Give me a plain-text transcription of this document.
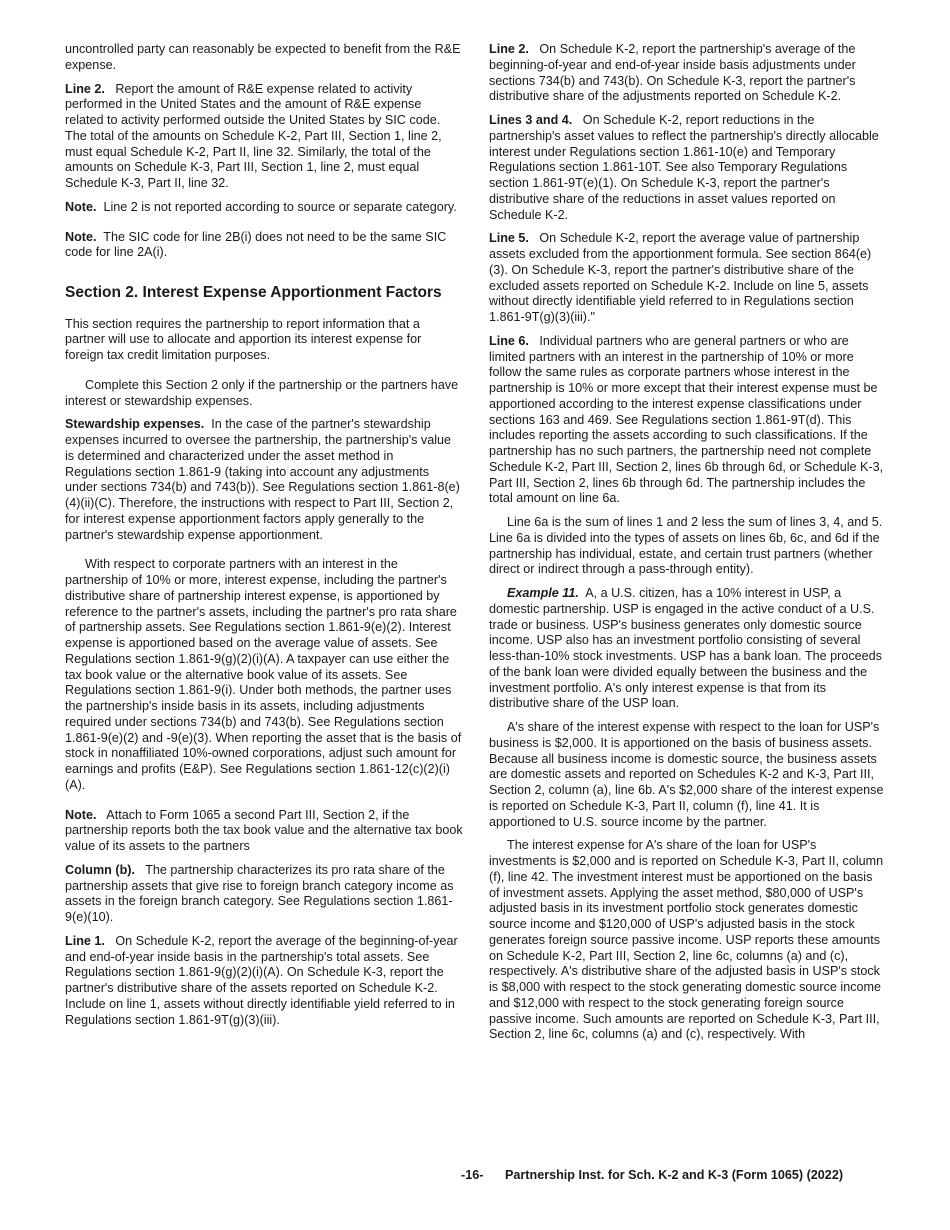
uncontrolled party can reasonably be expected to benefit from the R&E expense.

Line 2. Report the amount of R&E expense related to activity performed in the United States and the amount of R&E expense related to activity performed outside the United States by SIC code. The total of the amounts on Schedule K-2, Part III, Section 1, line 2, must equal Schedule K-2, Part II, line 32. Similarly, the total of the amounts on Schedule K-3, Part III, Section 1, line 2, must equal Schedule K-3, Part II, line 32.

Note. Line 2 is not reported according to source or separate category.

Note. The SIC code for line 2B(i) does not need to be the same SIC code for line 2A(i).

Section 2. Interest Expense Apportionment Factors

This section requires the partnership to report information that a partner will use to allocate and apportion its interest expense for foreign tax credit limitation purposes.

Complete this Section 2 only if the partnership or the partners have interest or stewardship expenses.

Stewardship expenses. In the case of the partner's stewardship expenses incurred to oversee the partnership, the partnership's value is determined and characterized under the asset method in Regulations section 1.861-9 (taking into account any adjustments under sections 734(b) and 743(b)). See Regulations section 1.861-8(e)(4)(ii)(C). Therefore, the instructions with respect to Part III, Section 2, for interest expense apportionment factors apply generally to the partner's stewardship expense apportionment.

With respect to corporate partners with an interest in the partnership of 10% or more, interest expense, including the partner's distributive share of partnership interest expense, is apportioned by reference to the partner's assets, including the partner's pro rata share of partnership assets. See Regulations section 1.861-9(e)(2). Interest expense is apportioned based on the average value of assets. See Regulations section 1.861-9(g)(2)(i)(A). A taxpayer can use either the tax book value or the alternative book value of its assets. See Regulations section 1.861-9(i). Under both methods, the partner uses the partnership's inside basis in its assets, including adjustments required under sections 734(b) and 743(b). See Regulations section 1.861-9(e)(2) and -9(e)(3). When reporting the asset that is the basis of stock in nonaffiliated 10%-owned corporations, adjust such amount for earnings and profits (E&P). See Regulations section 1.861-12(c)(2)(i)(A).

Note. Attach to Form 1065 a second Part III, Section 2, if the partnership reports both the tax book value and the alternative tax book value of its assets to the partners

Column (b). The partnership characterizes its pro rata share of the partnership assets that give rise to foreign branch category income as assets in the foreign branch category. See Regulations section 1.861-9(e)(10).

Line 1. On Schedule K-2, report the average of the beginning-of-year and end-of-year inside basis in the partnership's total assets. See Regulations section 1.861-9(g)(2)(i)(A). On Schedule K-3, report the partner's distributive share of the assets reported on Schedule K-2. Include on line 1, assets without directly identifiable yield referred to in Regulations section 1.861-9T(g)(3)(iii).

Line 2. On Schedule K-2, report the partnership's average of the beginning-of-year and end-of-year inside basis adjustments under sections 734(b) and 743(b). On Schedule K-3, report the partner's distributive share of the adjustments reported on Schedule K-2.

Lines 3 and 4. On Schedule K-2, report reductions in the partnership's asset values to reflect the partnership's directly allocable interest under Regulations section 1.861-10(e) and Temporary Regulations section 1.861-10T. See also Temporary Regulations section 1.861-9T(e)(1). On Schedule K-3, report the partner's distributive share of the reductions in asset values reported on Schedule K-2.

Line 5. On Schedule K-2, report the average value of partnership assets excluded from the apportionment formula. See section 864(e)(3). On Schedule K-3, report the partner's distributive share of the excluded assets reported on Schedule K-2. Include on line 5, assets without directly identifiable yield referred to in Regulations section 1.861-9T(g)(3)(iii)."

Line 6. Individual partners who are general partners or who are limited partners with an interest in the partnership of 10% or more follow the same rules as corporate partners whose interest in the partnership is 10% or more except that their interest expense must be apportioned according to the interest expense classifications under sections 163 and 469. See Regulations section 1.861-9T(d). This includes reporting the assets according to such classifications. If the partnership has no such partners, the partnership need not complete Schedule K-2, Part III, Section 2, lines 6b through 6d, or Schedule K-3, Part III, Section 2, lines 6b through 6d. The partnership includes the total amount on line 6a.

Line 6a is the sum of lines 1 and 2 less the sum of lines 3, 4, and 5. Line 6a is divided into the types of assets on lines 6b, 6c, and 6d if the partnership has individual, estate, and certain trust partners (whether direct or indirect through a pass-through entity).

Example 11. A, a U.S. citizen, has a 10% interest in USP, a domestic partnership. USP is engaged in the active conduct of a U.S. trade or business. USP's business generates only domestic source income. USP also has an investment portfolio consisting of several less-than-10% stock investments. USP has a bank loan. The proceeds of the bank loan were divided equally between the business and the investment portfolio. A's only interest expense is that from its distributive share of the USP loan.

A's share of the interest expense with respect to the loan for USP's business is $2,000. It is apportioned on the basis of business assets. Because all business income is domestic source, the business assets are domestic assets and reported on Schedules K-2 and K-3, Part III, Section 2, column (a), line 6b. A's $2,000 share of the interest expense is reported on Schedule K-3, Part II, column (f), line 41. It is apportioned to U.S. source income by the partner.

The interest expense for A's share of the loan for USP's investments is $2,000 and is reported on Schedule K-3, Part II, column (f), line 42. The investment interest must be apportioned on the basis of investment assets. Applying the asset method, $80,000 of USP's adjusted basis in its investment portfolio stock generates domestic source income and $120,000 of USP's adjusted basis in the stock generates foreign source passive income. USP reports these amounts on Schedule K-2, Part III, Section 2, line 6c, columns (a) and (c), respectively. A's distributive share of the adjusted basis in USP's stock is $8,000 with respect to the stock generating domestic source income and $12,000 with respect to the stock generating foreign source passive income. Such amounts are reported on Schedule K-3, Part III, Section 2, line 6c, columns (a) and (c), respectively. With

-16- Partnership Inst. for Sch. K-2 and K-3 (Form 1065) (2022)
